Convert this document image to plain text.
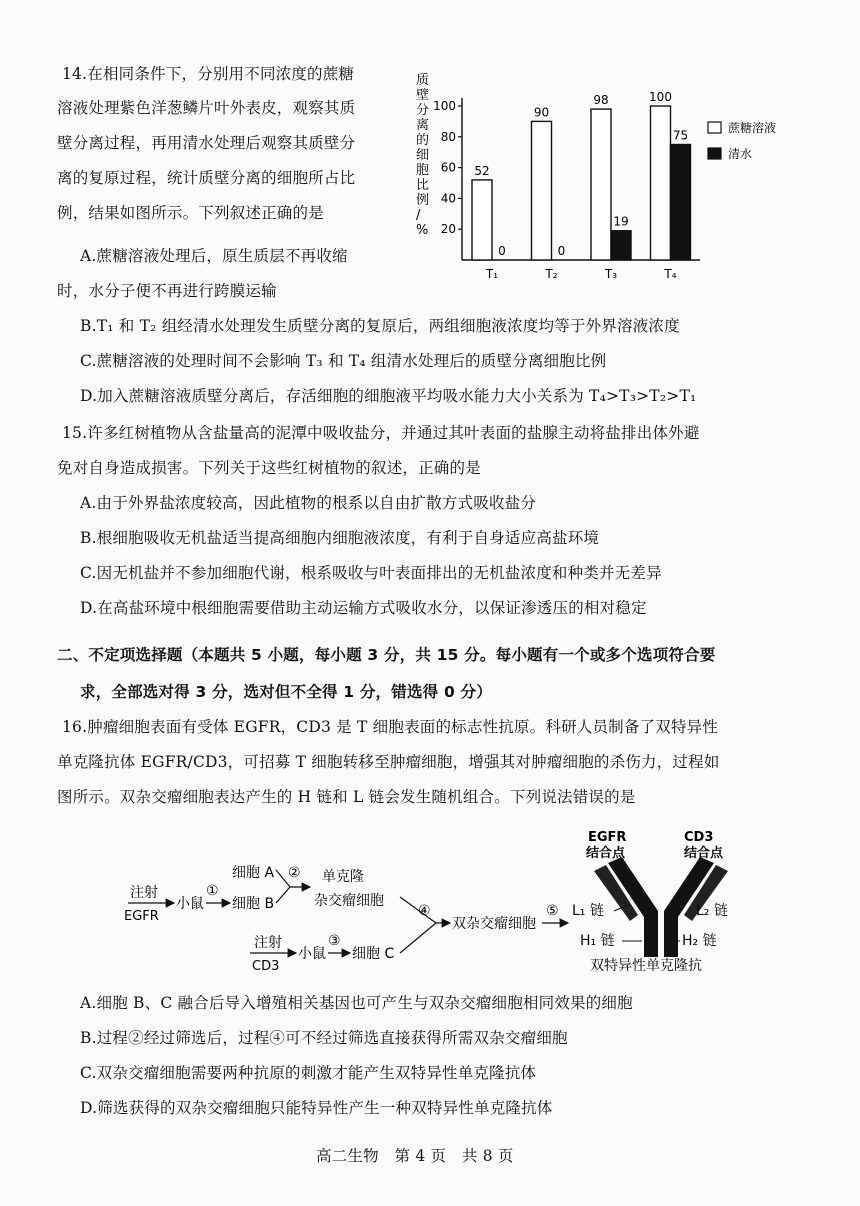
14.在相同条件下，分别用不同浓度的蔗糖
溶液处理紫色洋葱鳞片叶外表皮，观察其质
壁分离过程，再用清水处理后观察其质壁分
离的复原过程，统计质壁分离的细胞所占比
例，结果如图所示。下列叙述正确的是
A.蔗糖溶液处理后，原生质层不再收缩
时，水分子便不再进行跨膜运输
B.T₁ 和 T₂ 组经清水处理发生质壁分离的复原后，两组细胞液浓度均等于外界溶液浓度
C.蔗糖溶液的处理时间不会影响 T₃ 和 T₄ 组清水处理后的质壁分离细胞比例
D.加入蔗糖溶液质壁分离后，存活细胞的细胞液平均吸水能力大小关系为 T₄>T₃>T₂>T₁
质
壁
分
离
的
细
胞
比
例
/
% 20
40
60
80
100
52
0
T₁
90
0
T₂
98
19
T₃
100
75
T₄
蔗糖溶液
清水
15.许多红树植物从含盐量高的泥潭中吸收盐分，并通过其叶表面的盐腺主动将盐排出体外避
免对自身造成损害。下列关于这些红树植物的叙述，正确的是
A.由于外界盐浓度较高，因此植物的根系以自由扩散方式吸收盐分
B.根细胞吸收无机盐适当提高细胞内细胞液浓度，有利于自身适应高盐环境
C.因无机盐并不参加细胞代谢，根系吸收与叶表面排出的无机盐浓度和种类并无差异
D.在高盐环境中根细胞需要借助主动运输方式吸收水分，以保证渗透压的相对稳定
二、不定项选择题（本题共 5 小题，每小题 3 分，共 15 分。每小题有一个或多个选项符合要
求，全部选对得 3 分，选对但不全得 1 分，错选得 0 分）
16.肿瘤细胞表面有受体 EGFR，CD3 是 T 细胞表面的标志性抗原。科研人员制备了双特异性
单克隆抗体 EGFR/CD3，可招募 T 细胞转移至肿瘤细胞，增强其对肿瘤细胞的杀伤力，过程如
图所示。双杂交瘤细胞表达产生的 H 链和 L 链会发生随机组合。下列说法错误的是
注射
EGFR
小鼠
①
细胞 A
细胞 B
② 单克隆
杂交瘤细胞
④
双杂交瘤细胞
⑤
注射
CD3
小鼠
③
细胞 C
EGFR
结合点
CD3
结合点
L₁ 链	L₂ 链
H₁ 链	H₂ 链
双特异性单克隆抗
A.细胞 B、C 融合后导入增殖相关基因也可产生与双杂交瘤细胞相同效果的细胞
B.过程②经过筛选后，过程④可不经过筛选直接获得所需双杂交瘤细胞
C.双杂交瘤细胞需要两种抗原的刺激才能产生双特异性单克隆抗体
D.筛选获得的双杂交瘤细胞只能特异性产生一种双特异性单克隆抗体
高二生物　第 4 页　共 8 页
